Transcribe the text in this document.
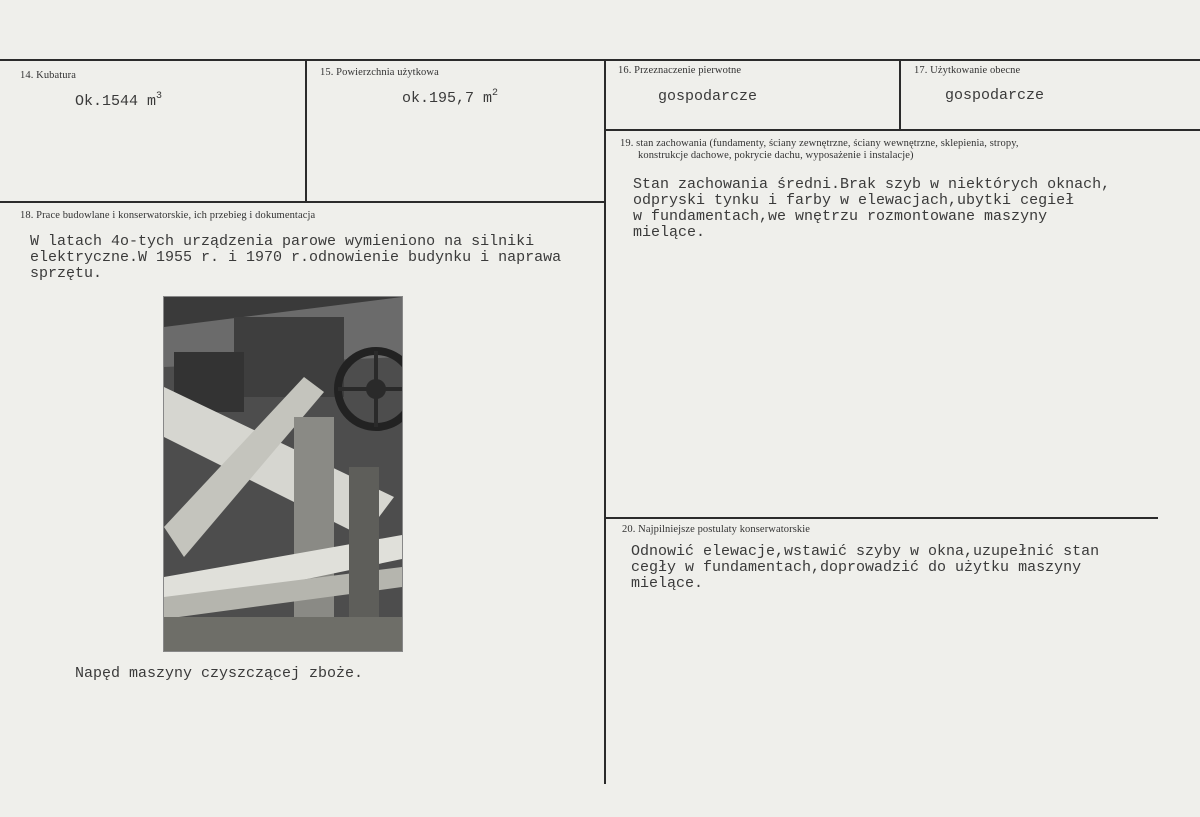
14. Kubatura
Ok.1544 $m^3$
15. Powierzchnia użytkowa
ok.195,7 $m^2$
16. Przeznaczenie pierwotne
gospodarcze
17. Użytkowanie obecne
gospodarcze
18. Prace budowlane i konserwatorskie, ich przebieg i dokumentacja
W latach 4o-tych urządzenia parowe wymieniono na silniki
elektryczne.W 1955 r. i 1970 r.odnowienie budynku i naprawa
sprzętu.
Napęd maszyny czyszczącej zboże.
19. stan zachowania (fundamenty, ściany zewnętrzne, ściany wewnętrzne, sklepienia, stropy,
konstrukcje dachowe, pokrycie dachu, wyposażenie i instalacje)
Stan zachowania średni.Brak szyb w niektórych oknach,
odpryski tynku i farby w elewacjach,ubytki cegieł
w fundamentach,we wnętrzu rozmontowane maszyny
mielące.
20. Najpilniejsze postulaty konserwatorskie
Odnowić elewacje,wstawić szyby w okna,uzupełnić stan
cegły w fundamentach,doprowadzić do użytku maszyny
mielące.
